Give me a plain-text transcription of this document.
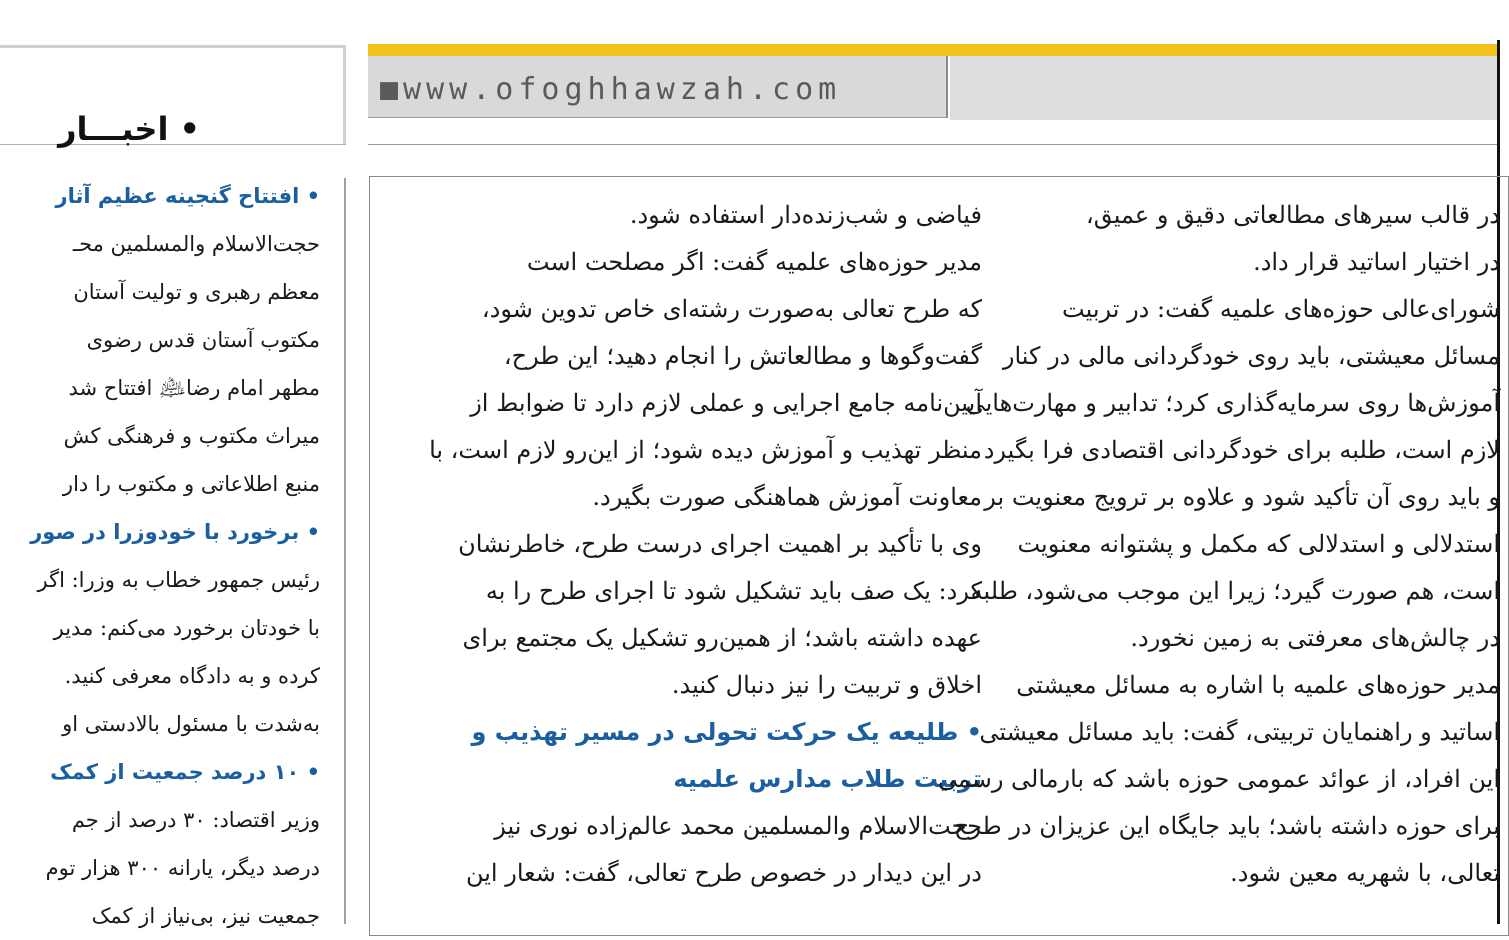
■www.ofoghhawzah.com
• اخبـــار
• افتتاح گنجینه عظیم آثار
حجت‌الاسلام والمسلمین محـ
معظم رهبری و تولیت آستان
مکتوب آستان قدس رضوی
مطهر امام رضا﵇ افتتاح شد
میراث مکتوب و فرهنگی کش
منبع اطلاعاتی و مکتوب را دار
• برخورد با خودوزرا در صور
رئیس جمهور خطاب به وزرا: اگر
با خودتان برخورد می‌کنم: مدیر
کرده و به دادگاه معرفی کنید.
به‌شدت با مسئول بالادستی او
• ۱۰ درصد جمعیت از کمک
وزیر اقتصاد: ۳۰ درصد از جم
درصد دیگر، یارانه ۳۰۰ هزار توم
جمعیت نیز، بی‌نیاز از کمک

فیاضی و شب‌زنده‌دار استفاده شود.

مدیر حوزه‌های علمیه گفت: اگر مصلحت است

که طرح تعالی به‌صورت رشته‌ای خاص تدوین شود،

گفت‌وگوها و مطالعاتش را انجام دهید؛ این طرح،

آیین‌نامه جامع اجرایی و عملی لازم دارد تا ضوابط از

منظر تهذیب و آموزش دیده شود؛ از این‌رو لازم است، با

معاونت آموزش هماهنگی صورت بگیرد.

وی با تأکید بر اهمیت اجرای درست طرح، خاطرنشان

کرد: یک صف باید تشکیل شود تا اجرای طرح را به

عهده داشته باشد؛ از همین‌رو تشکیل یک مجتمع برای

اخلاق و تربیت را نیز دنبال کنید.

• طلیعه یک حرکت تحولی در مسیر تهذیب و

تربیت طلاب مدارس علمیه

حجت‌الاسلام والمسلمین محمد عالم‌زاده نوری نیز

در این دیدار در خصوص طرح تعالی، گفت: شعار این

در قالب سیرهای مطالعاتی دقیق و عمیق،

در اختیار اساتید قرار داد.

شورای‌عالی حوزه‌های علمیه گفت: در تربیت

مسائل معیشتی، باید روی خودگردانی مالی در کنار

آموزش‌ها روی سرمایه‌گذاری کرد؛ تدابیر و مهارت‌هایی

لازم است، طلبه برای خودگردانی اقتصادی فرا بگیرد

و باید روی آن تأکید شود و علاوه بر ترویج معنویت بر

استدلالی و استدلالی که مکمل و پشتوانه معنویت

است، هم صورت گیرد؛ زیرا این موجب می‌شود، طلبه

در چالش‌های معرفتی به زمین نخورد.

مدیر حوزه‌های علمیه با اشاره به مسائل معیشتی

اساتید و راهنمایان تربیتی، گفت: باید مسائل معیشتی

این افراد، از عوائد عمومی حوزه باشد که بارمالی رسمی

برای حوزه داشته باشد؛ باید جایگاه این عزیزان در طرح

تعالی، با شهریه معین شود.
